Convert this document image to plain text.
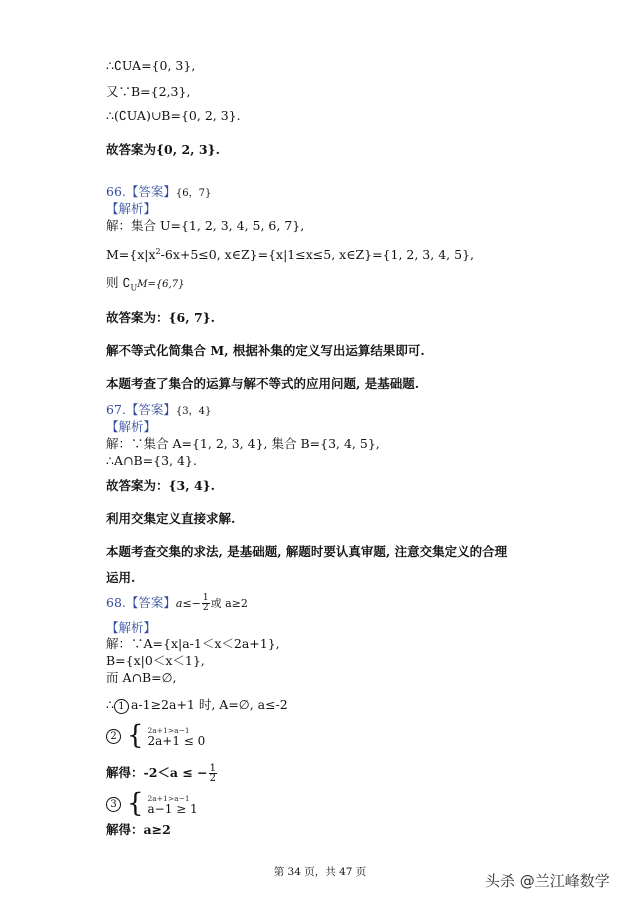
∴∁UA={0, 3},
又∵B={2,3},
∴(∁UA)∪B={0, 2, 3}.
故答案为{0, 2, 3}.
66.【答案】{6，7}
【解析】
解：集合 U={1, 2, 3, 4, 5, 6, 7},
$M=\{x|x^2-6x+5\le 0$, x∈Z}={x|1≤x≤5, x∈Z}={1, 2, 3, 4, 5},
则 $∁_UM=\{6,7\}$
故答案为：{6, 7}.
解不等式化简集合 M, 根据补集的定义写出运算结果即可.
本题考查了集合的运算与解不等式的应用问题, 是基础题.
67.【答案】{3，4}
【解析】
解：∵集合 A={1, 2, 3, 4}, 集合 B={3, 4, 5},
∴A∩B={3, 4}.
故答案为：{3, 4}.
利用交集定义直接求解.
本题考查交集的求法, 是基础题, 解题时要认真审题, 注意交集定义的合理
运用.
68.【答案】$a\le- \frac{1}{2}$ 或 a≥2
【解析】
解：∵A={x|a-1＜x＜2a+1},
B={x|0＜x＜1},
而 A∩B=∅,
∴ 1 a-1≥2a+1 时, A=∅, a≤-2
2 { 2a+1>a−1
2a+1 ≤ 0
解得：-2＜a ≤ − $\frac{1}{2}$
3 { 2a+1>a−1
a−1 ≥ 1
解得：a≥2
第 34 页，共 47 页	头杀 @兰江峰数学
